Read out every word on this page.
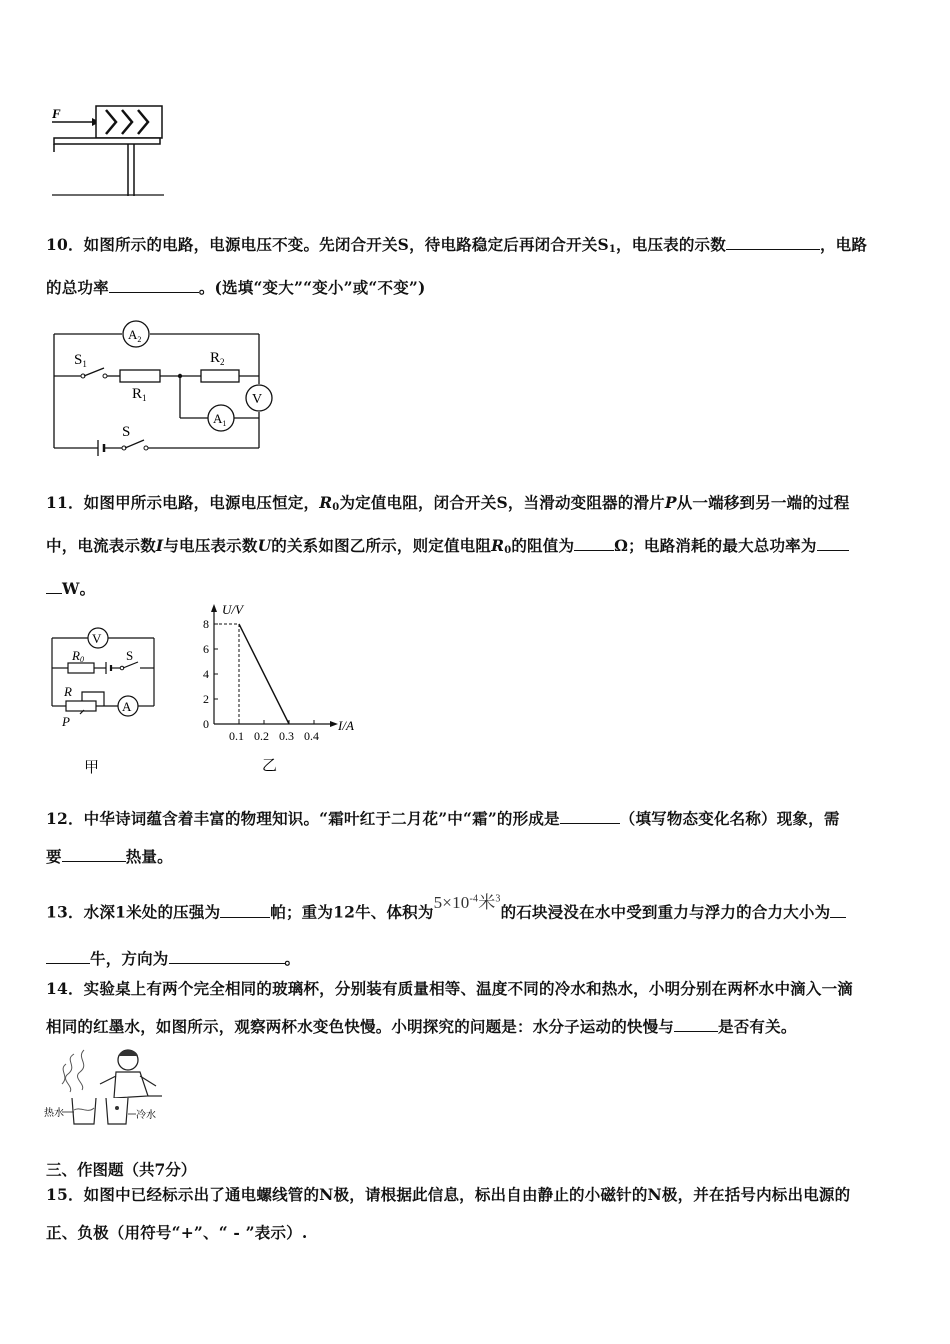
F
10．如图所示的电路，电源电压不变。先闭合开关S，待电路稳定后再闭合开关$S_1$，电压表的示数	，电路
的总功率	。(选填“变大”“变小”或“不变”)
$A_2$
$S_1$
$R_1$
$R_2$
V
$A_1$
S
11．如图甲所示电路，电源电压恒定，$R_0$为定值电阻，闭合开关S，当滑动变阻器的滑片P从一端移到另一端的过程
中，电流表示数I与电压表示数U的关系如图乙所示，则定值电阻$R_0$的阻值为	Ω；电路消耗的最大总功率为
W。
V
R0	S
R
P
A
甲
U/V
I/A
0
2
4
6
8
0.1 0.2 0.3 0.4
乙
12．中华诗词蕴含着丰富的物理知识。“霜叶红于二月花”中“霜”的形成是	（填写物态变化名称）现象，需
要	热量。
13．水深1米处的压强为	帕；重为12牛、体积为$5\times 10^{-4}$米$^3$的石块浸没在水中受到重力与浮力的合力大小为
牛，方向为	。
14．实验桌上有两个完全相同的玻璃杯，分别装有质量相等、温度不同的冷水和热水，小明分别在两杯水中滴入一滴
相同的红墨水，如图所示，观察两杯水变色快慢。小明探究的问题是：水分子运动的快慢与	是否有关。
热水	冷水
三、作图题（共7分）
15．如图中已经标示出了通电螺线管的N极，请根据此信息，标出自由静止的小磁针的N极，并在括号内标出电源的
正、负极（用符号“+”、“ - ”表示）.
